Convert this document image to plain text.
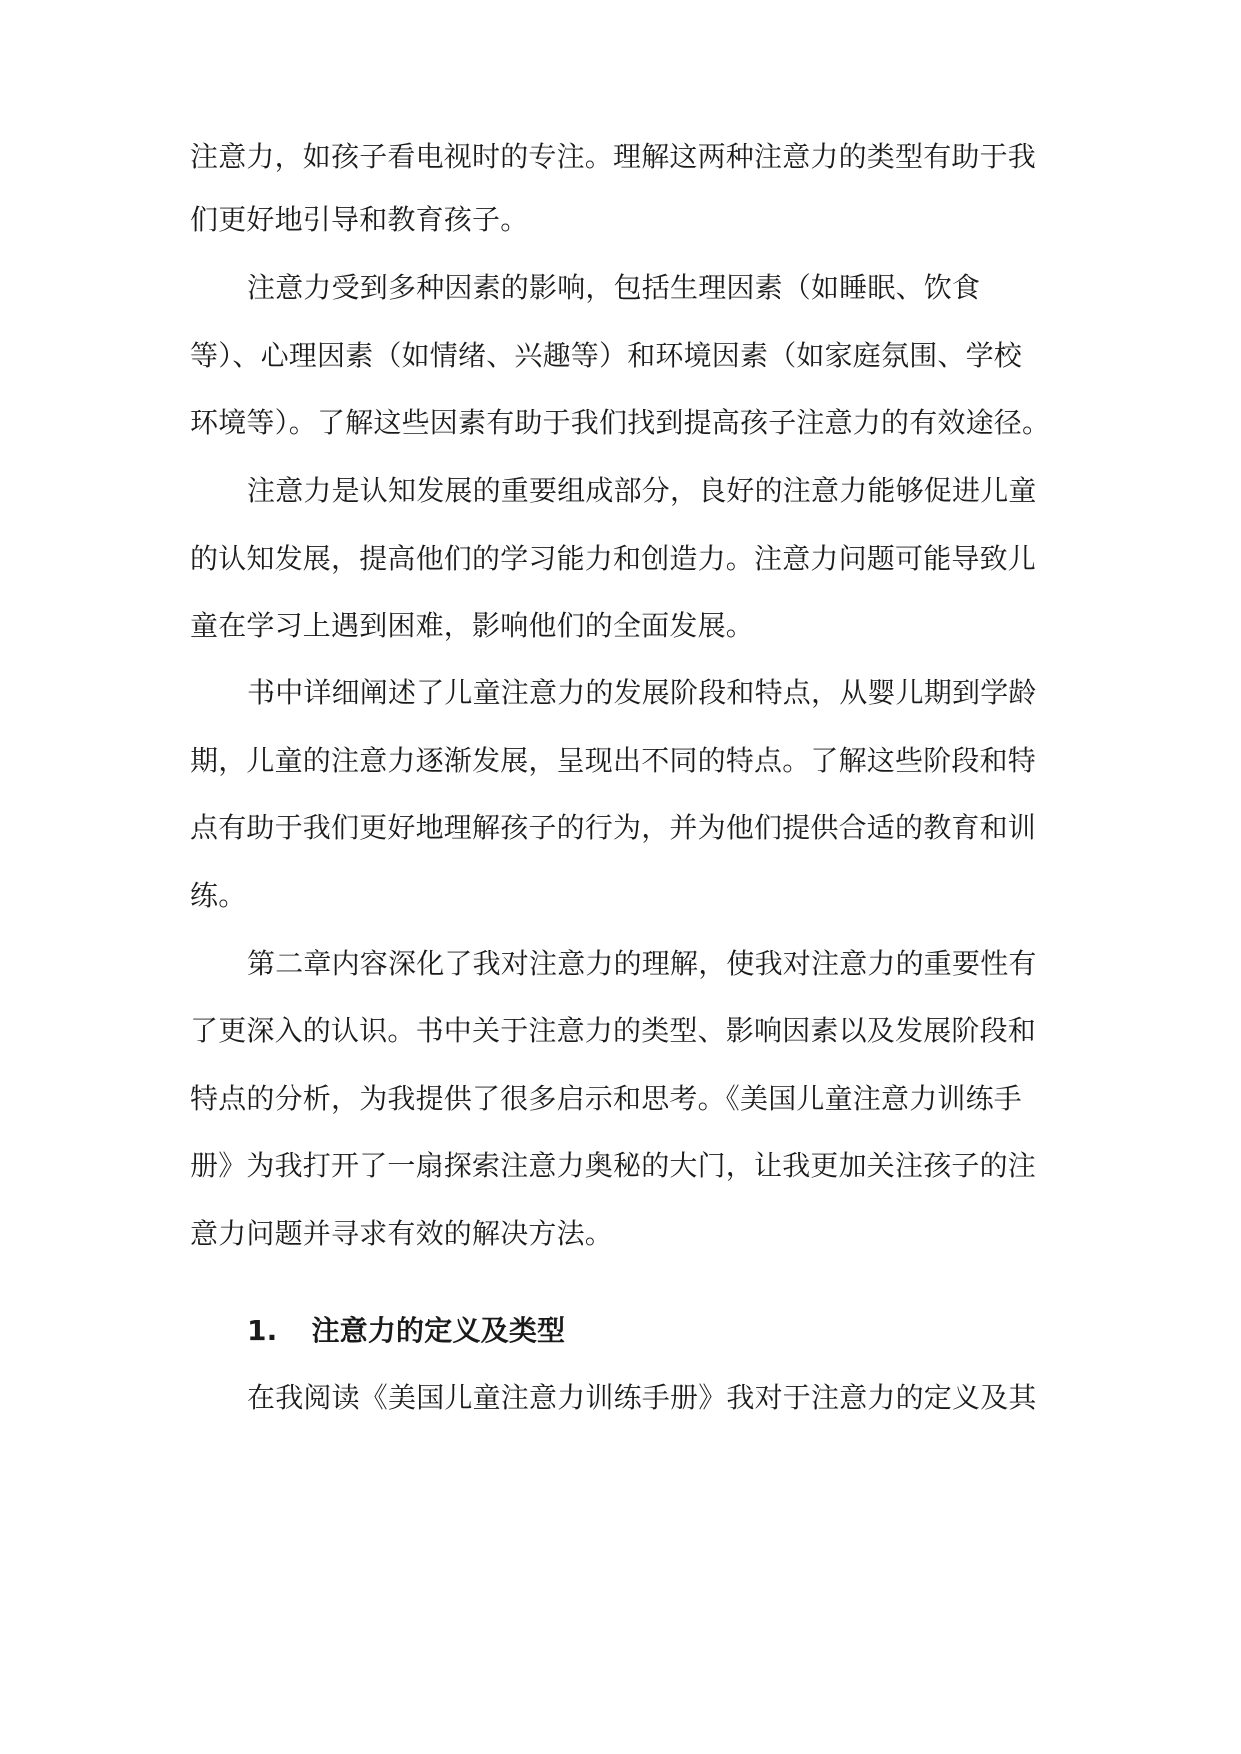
注意力，如孩子看电视时的专注。理解这两种注意力的类型有助于我
们更好地引导和教育孩子。
注意力受到多种因素的影响，包括生理因素（如睡眠、饮食
等）、心理因素（如情绪、兴趣等）和环境因素（如家庭氛围、学校
环境等）。了解这些因素有助于我们找到提高孩子注意力的有效途径。
注意力是认知发展的重要组成部分，良好的注意力能够促进儿童
的认知发展，提高他们的学习能力和创造力。注意力问题可能导致儿
童在学习上遇到困难，影响他们的全面发展。
书中详细阐述了儿童注意力的发展阶段和特点，从婴儿期到学龄
期，儿童的注意力逐渐发展，呈现出不同的特点。了解这些阶段和特
点有助于我们更好地理解孩子的行为，并为他们提供合适的教育和训
练。
第二章内容深化了我对注意力的理解，使我对注意力的重要性有
了更深入的认识。书中关于注意力的类型、影响因素以及发展阶段和
特点的分析，为我提供了很多启示和思考。《美国儿童注意力训练手
册》为我打开了一扇探索注意力奥秘的大门，让我更加关注孩子的注
意力问题并寻求有效的解决方法。
1. 注意力的定义及类型
在我阅读《美国儿童注意力训练手册》我对于注意力的定义及其
